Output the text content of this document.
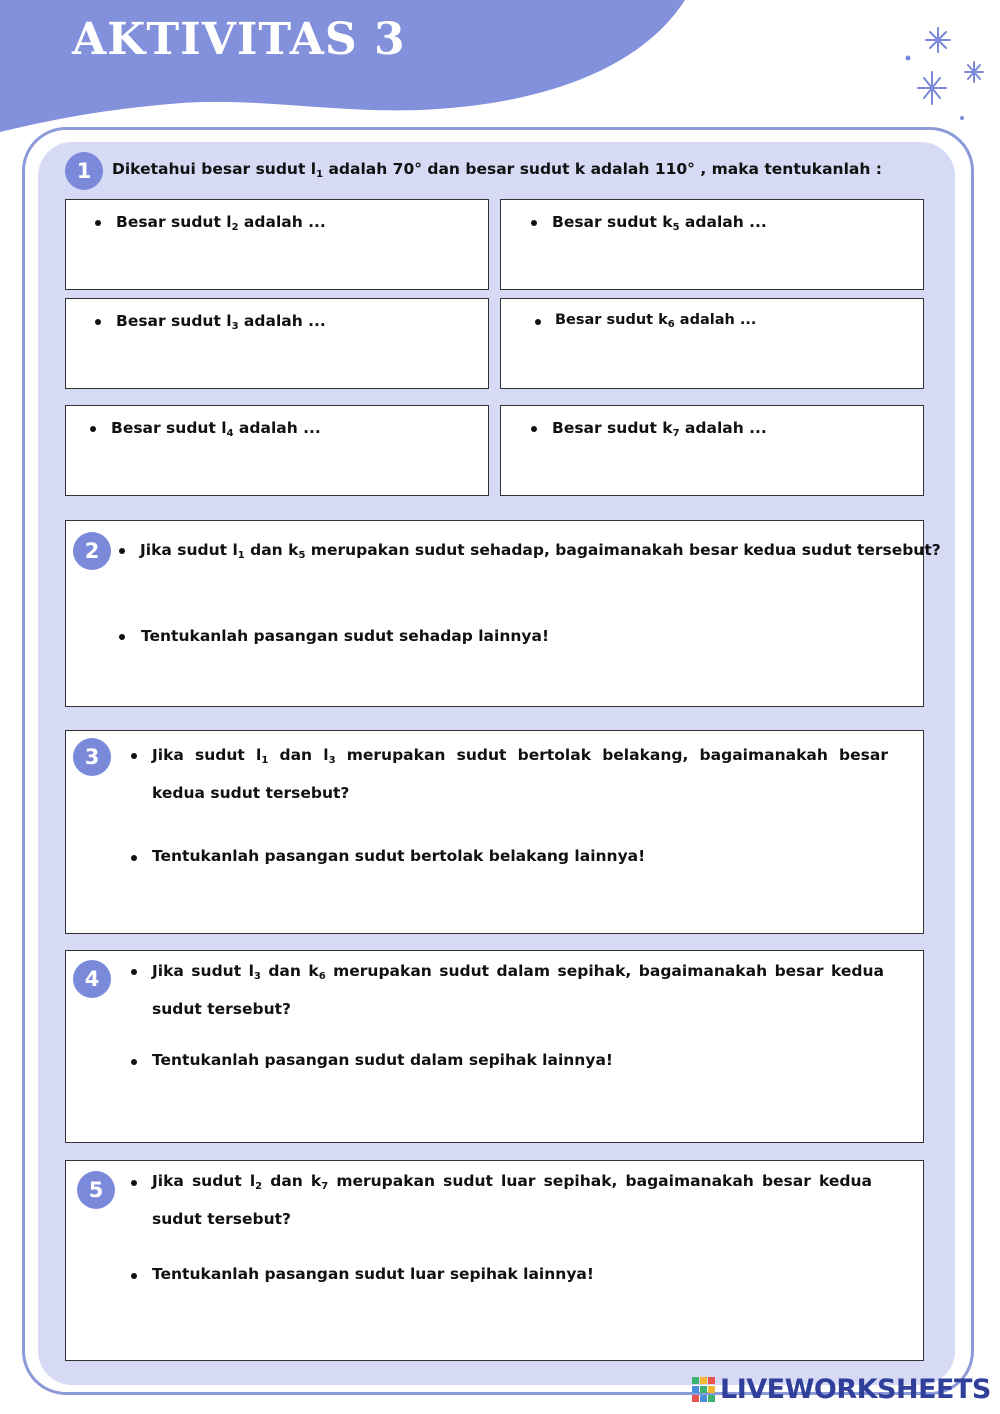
AKTIVITAS 3
1	Diketahui besar sudut $l_1$ adalah 70° dan besar sudut k adalah 110° , maka tentukanlah :
Besar sudut $l_2$ adalah ...	Besar sudut $k_5$ adalah ...
Besar sudut $l_3$ adalah ...	Besar sudut $k_6$ adalah ...
Besar sudut $l_4$ adalah ...	Besar sudut $k_7$ adalah ...
2	Jika sudut $l_1$ dan $k_5$ merupakan sudut sehadap, bagaimanakah besar kedua sudut tersebut?
Tentukanlah pasangan sudut sehadap lainnya!
3	Jika sudut $l_1$ dan $l_3$ merupakan sudut bertolak belakang, bagaimanakah besar kedua sudut tersebut?
Tentukanlah pasangan sudut bertolak belakang lainnya!
4	Jika sudut $l_3$ dan $k_6$ merupakan sudut dalam sepihak, bagaimanakah besar kedua sudut tersebut?
Tentukanlah pasangan sudut dalam sepihak lainnya!
5	Jika sudut $l_2$ dan $k_7$ merupakan sudut luar sepihak, bagaimanakah besar kedua sudut tersebut?
Tentukanlah pasangan sudut luar sepihak lainnya!
LIVEWORKSHEETS
